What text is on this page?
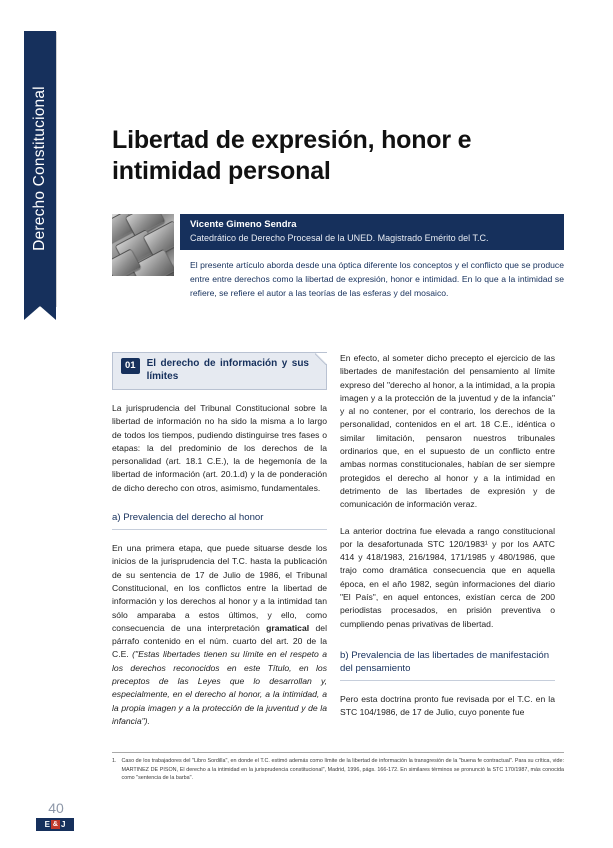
Derecho Constitucional	Libertad de expresión, honor e intimidad personal
Vicente Gimeno Sendra
Catedrático de Derecho Procesal de la UNED. Magistrado Emérito del T.C.
El presente artículo aborda desde una óptica diferente los conceptos y el conflicto que se produce entre entre derechos como la libertad de expresión, honor e intimidad. En lo que a la intimidad se refiere, se refiere el autor a las teorías de las esferas y del mosaico.
01	El derecho de información y sus límites

La jurisprudencia del Tribunal Constitucional sobre la libertad de información no ha sido la misma a lo largo de todos los tiempos, pudiendo distinguirse tres fases o etapas: la del predominio de los derechos de la personalidad (art. 18.1 C.E.), la de hegemonía de la libertad de información (art. 20.1.d) y la de ponderación de dicho derecho con otros, asimismo, fundamentales.

a) Prevalencia del derecho al honor

En una primera etapa, que puede situarse desde los inicios de la jurisprudencia del T.C. hasta la publicación de su sentencia de 17 de Julio de 1986, el Tribunal Constitucional, en los conflictos entre la libertad de información y los derechos al honor y a la intimidad tan sólo amparaba a estos últimos, y ello, como consecuencia de una interpretación gramatical del párrafo contenido en el núm. cuarto del art. 20 de la C.E. ("Estas libertades tienen su límite en el respeto a los derechos reconocidos en este Título, en los preceptos de las Leyes que lo desarrollan y, especialmente, en el derecho al honor, a la intimidad, a la propia imagen y a la protección de la juventud y de la infancia").

En efecto, al someter dicho precepto el ejercicio de las libertades de manifestación del pensamiento al límite expreso del "derecho al honor, a la intimidad, a la propia imagen y a la protección de la juventud y de la infancia" y al no contener, por el contrario, los derechos de la personalidad, contenidos en el art. 18 C.E., idéntica o similar limitación, pensaron nuestros tribunales ordinarios que, en el supuesto de un conflicto entre ambas normas constitucionales, habían de ser siempre protegidos el derecho al honor y a la intimidad en detrimento de las libertades de expresión y de comunicación de información veraz.

La anterior doctrina fue elevada a rango constitucional por la desafortunada STC 120/1983¹ y por los AATC 414 y 418/1983, 216/1984, 171/1985 y 480/1986, que trajo como dramática consecuencia que en aquella época, en el año 1982, según informaciones del diario "El País", en aquel entonces, existían cerca de 200 periodistas procesados, en prisión preventiva o cumpliendo penas privativas de libertad.

b) Prevalencia de las libertades de manifestación del pensamiento

Pero esta doctrina pronto fue revisada por el T.C. en la STC 104/1986, de 17 de Julio, cuyo ponente fue

1. Caso de los trabajadores del "Libro Sordilla", en donde el T.C. estimó además como límite de la libertad de información la transgresión de la "buena fe contractual". Para su crítica, vide: MARTINEZ DE PISON, El derecho a la intimidad en la jurisprudencia constitucional", Madrid, 1996, págs. 166-172. En similares términos se pronunció la STC 170/1987, más conocida como "sentencia de la barba".
40
E & J
